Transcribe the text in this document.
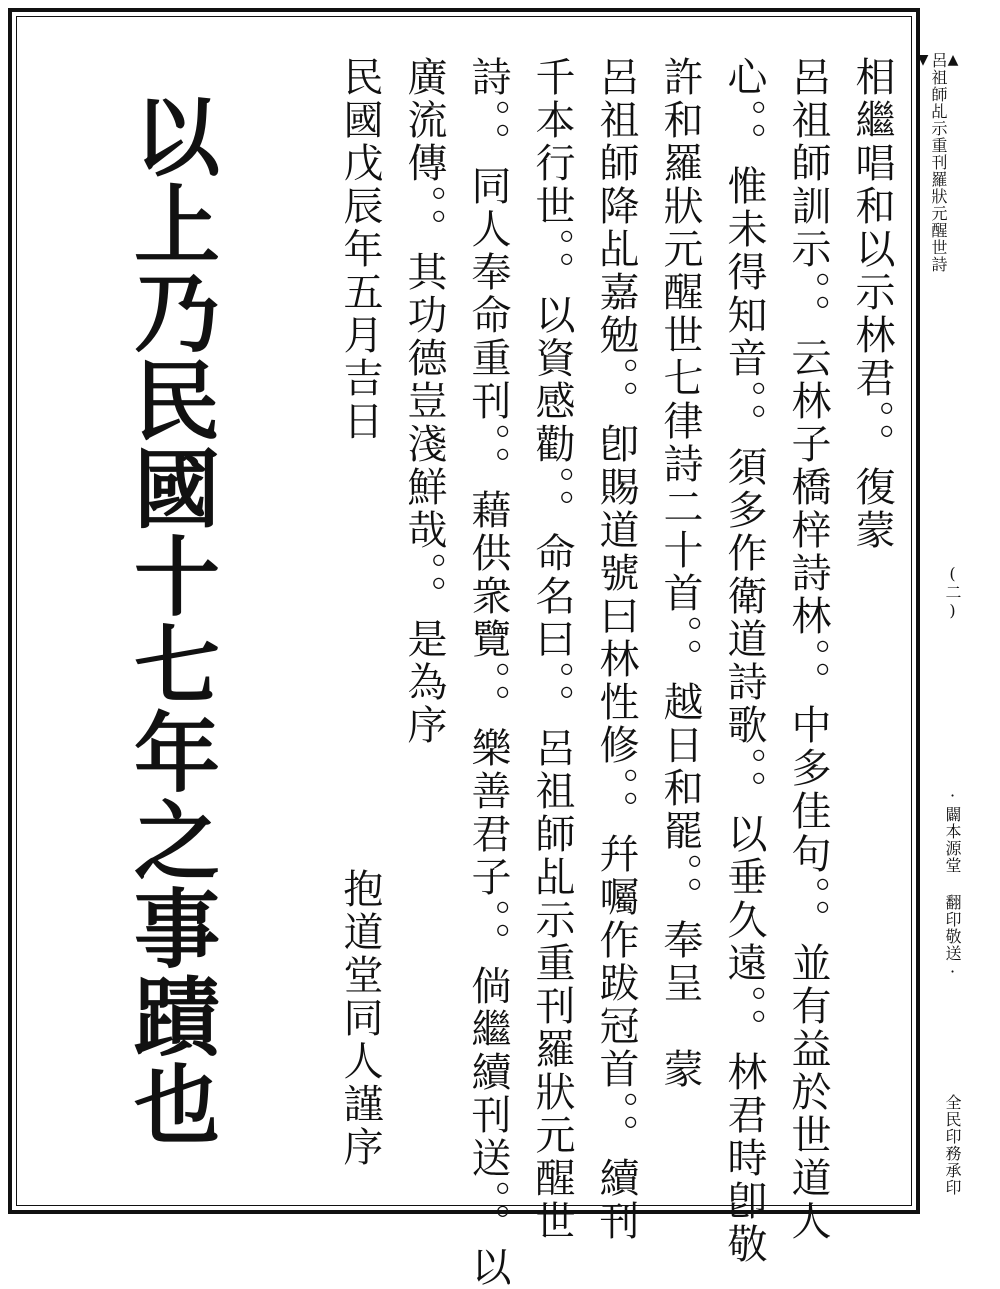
相繼唱和以示林君。。復蒙
呂祖師訓示。。云林子橋梓詩林。。中多佳句。。並有益於世道人
心。。惟未得知音。。須多作衛道詩歌。。以垂久遠。。林君時卽敬
許和羅狀元醒世七律詩二十首。。越日和罷。。奉呈　蒙
呂祖師降乩嘉勉。。卽賜道號曰林性修。。幷囑作跋冠首。。續刊
千本行世。。以資感勸。。命名曰。。呂祖師乩示重刊羅狀元醒世
詩。。同人奉命重刊。。藉供衆覽。。樂善君子。。倘繼續刊送。。以
廣流傳。。其功德豈淺鮮哉。。是為序
民國戊辰年五月吉日
抱道堂同人謹序
以上乃民國十七年之事蹟也
▲
呂祖師乩示重刊羅狀元醒世詩
▼
(二)
·闢本源堂 翻印敬送·
全民印務承印
